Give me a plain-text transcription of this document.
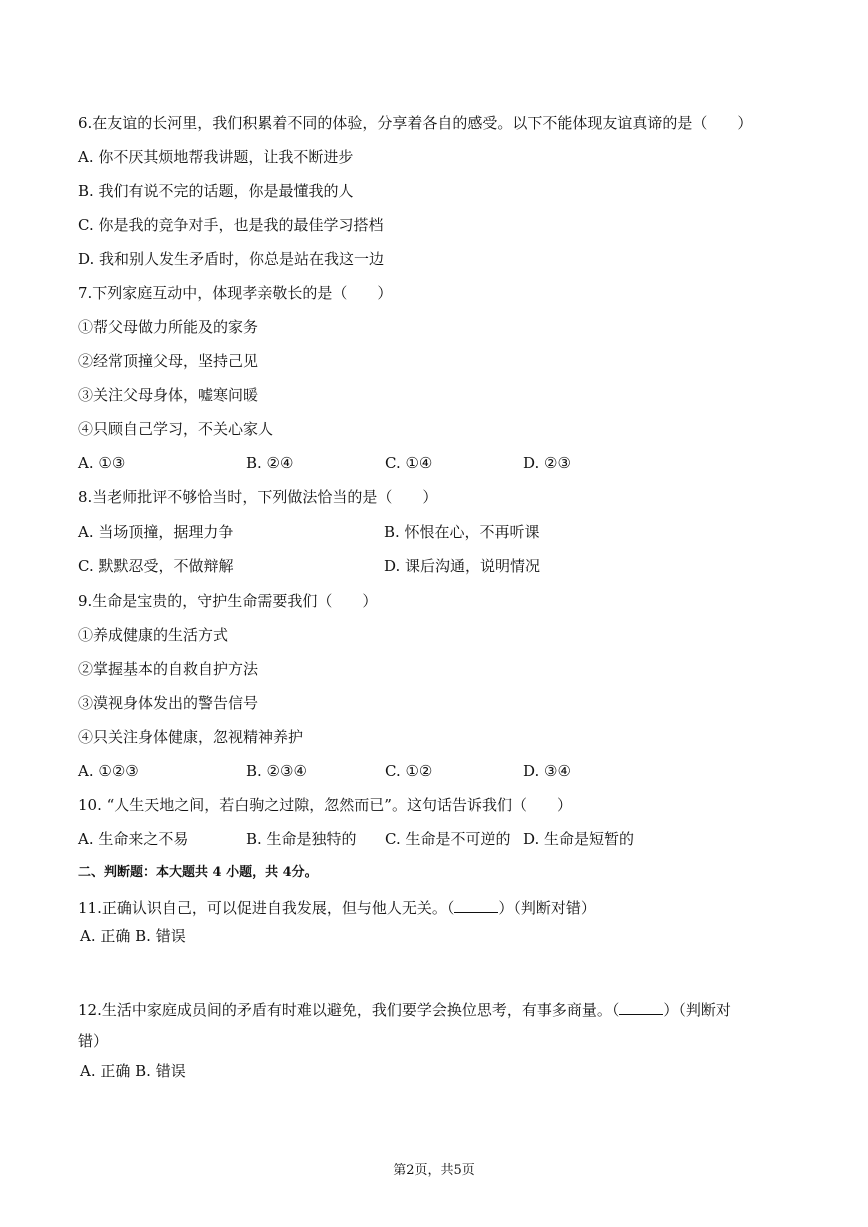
6.在友谊的长河里，我们积累着不同的体验，分享着各自的感受。以下不能体现友谊真谛的是（　　）
A. 你不厌其烦地帮我讲题，让我不断进步
B. 我们有说不完的话题，你是最懂我的人
C. 你是我的竞争对手，也是我的最佳学习搭档
D. 我和别人发生矛盾时，你总是站在我这一边
7.下列家庭互动中，体现孝亲敬长的是（　　）
①帮父母做力所能及的家务
②经常顶撞父母，坚持己见
③关注父母身体，嘘寒问暖
④只顾自己学习，不关心家人
A. ①③	B. ②④	C. ①④	D. ②③
8.当老师批评不够恰当时，下列做法恰当的是（　　）
A. 当场顶撞，据理力争	B. 怀恨在心，不再听课
C. 默默忍受，不做辩解	D. 课后沟通，说明情况
9.生命是宝贵的，守护生命需要我们（　　）
①养成健康的生活方式
②掌握基本的自救自护方法
③漠视身体发出的警告信号
④只关注身体健康，忽视精神养护
A. ①②③	B. ②③④	C. ①②	D. ③④
10. “人生天地之间，若白驹之过隙，忽然而已”。这句话告诉我们（　　）
A. 生命来之不易	B. 生命是独特的 C. 生命是不可逆的 D. 生命是短暂的
二、判断题：本大题共 4 小题，共 4分。
11.正确认识自己，可以促进自我发展，但与他人无关。（	）（判断对错）
A. 正确 B. 错误
12.生活中家庭成员间的矛盾有时难以避免，我们要学会换位思考，有事多商量。（	）（判断对
错）
A. 正确 B. 错误
第2页，共5页
